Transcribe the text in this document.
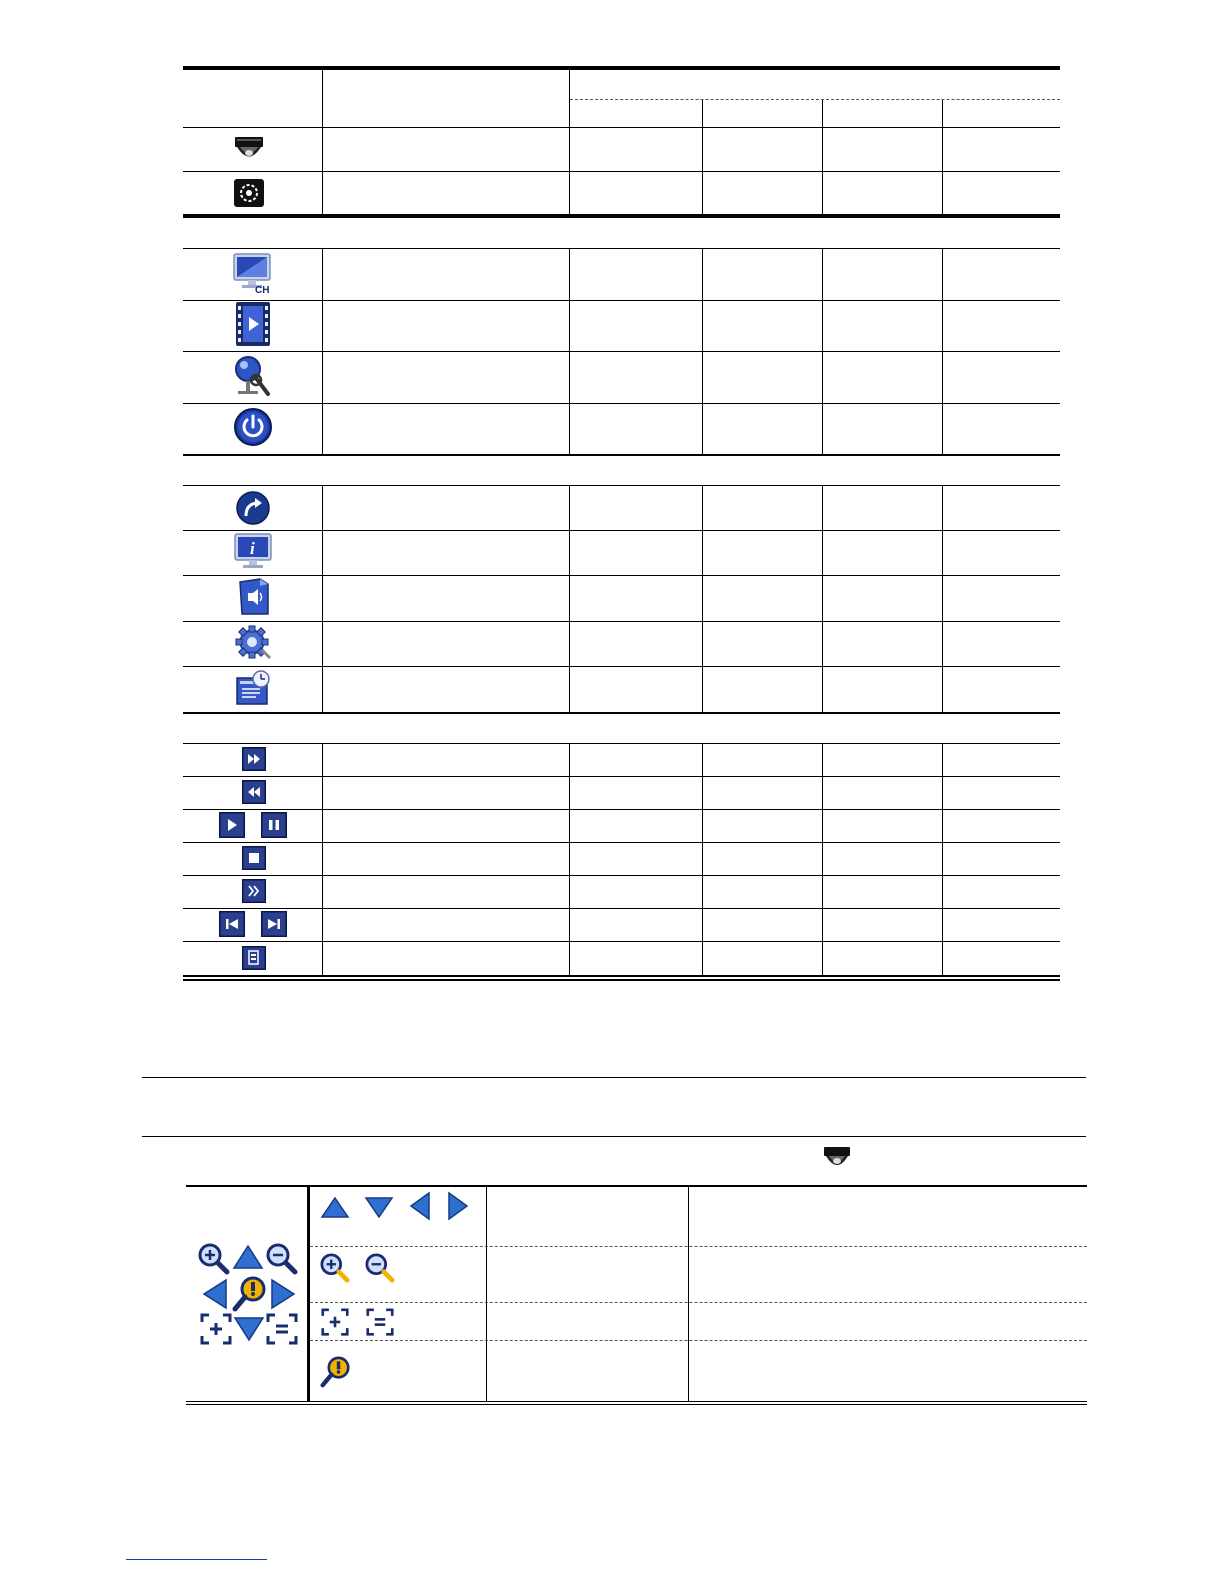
CH
i
